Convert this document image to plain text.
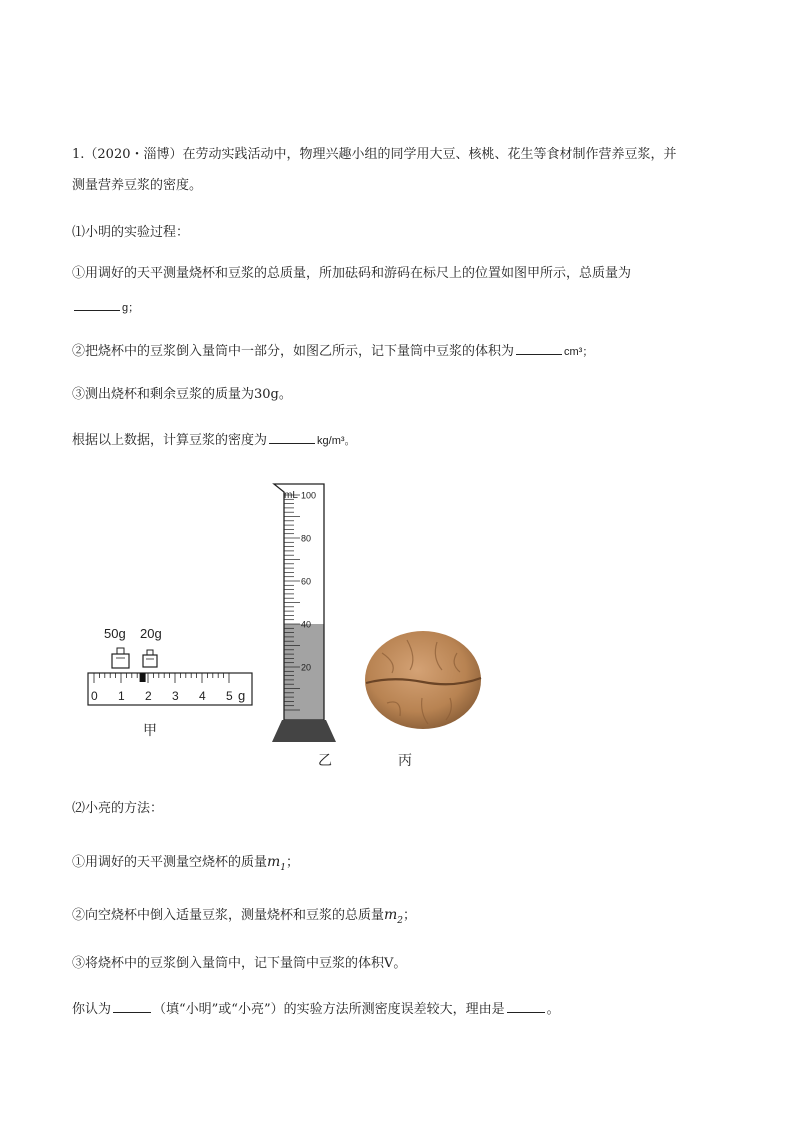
1.（2020・淄博）在劳动实践活动中，物理兴趣小组的同学用大豆、核桃、花生等食材制作营养豆浆，并
测量营养豆浆的密度。
⑴小明的实验过程：
①用调好的天平测量烧杯和豆浆的总质量，所加砝码和游码在标尺上的位置如图甲所示，总质量为
g；
②把烧杯中的豆浆倒入量筒中一部分，如图乙所示，记下量筒中豆浆的体积为	cm³；
③测出烧杯和剩余豆浆的质量为30g。
根据以上数据，计算豆浆的密度为	kg/m³。
50g 20g
0 1 2 3 4 5 g
甲
mL 100
80
60
40
20
乙	丙
⑵小亮的方法：
①用调好的天平测量空烧杯的质量$m_1$；
②向空烧杯中倒入适量豆浆，测量烧杯和豆浆的总质量$m_2$；
③将烧杯中的豆浆倒入量筒中，记下量筒中豆浆的体积V。
你认为	（填“小明”或“小亮”）的实验方法所测密度误差较大，理由是	。
